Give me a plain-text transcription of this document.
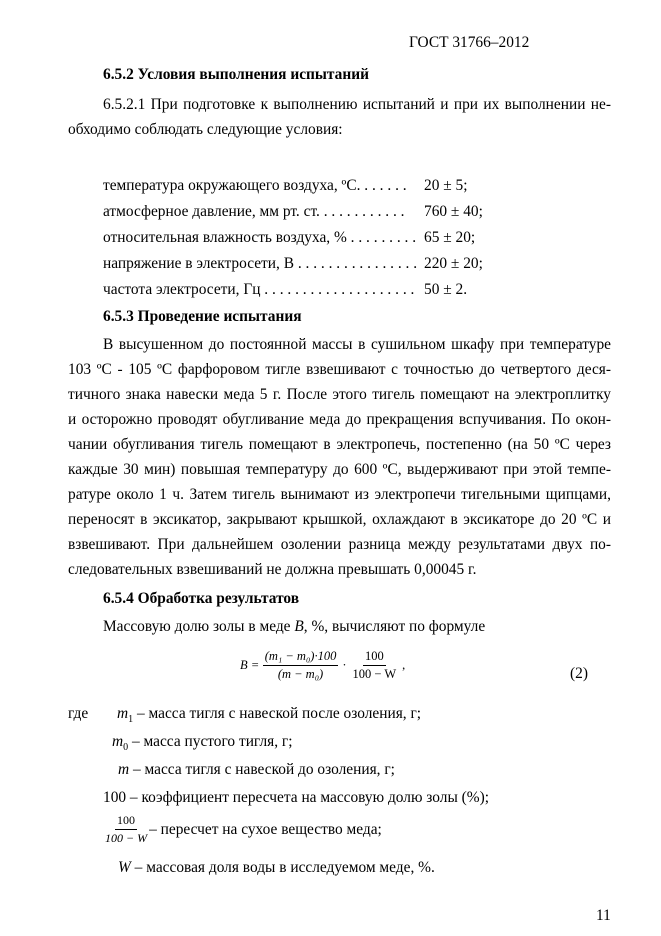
ГОСТ 31766–2012
6.5.2 Условия выполнения испытаний
6.5.2.1 При подготовке к выполнению испытаний и при их выполнении не-
обходимо соблюдать следующие условия:
температура окружающего воздуха, ºС. . . . . . . 20 ± 5;
атмосферное давление, мм рт. ст. . . . . . . . . . . . 760 ± 40;
относительная влажность воздуха, % . . . . . . . . . 65 ± 20;
напряжение в электросети, В . . . . . . . . . . . . . . . . 220 ± 20;
частота электросети, Гц . . . . . . . . . . . . . . . . . . . . 50 ± 2.
6.5.3 Проведение испытания
В высушенном до постоянной массы в сушильном шкафу при температуре
103 ºС - 105 ºС фарфоровом тигле взвешивают с точностью до четвертого деся-
тичного знака навески меда 5 г. После этого тигель помещают на электроплитку
и осторожно проводят обугливание меда до прекращения вспучивания. По окон-
чании обугливания тигель помещают в электропечь, постепенно (на 50 ºС через
каждые 30 мин) повышая температуру до 600 ºС, выдерживают при этой темпе-
ратуре около 1 ч. Затем тигель вынимают из электропечи тигельными щипцами,
переносят в эксикатор, закрывают крышкой, охлаждают в эксикаторе до 20 ºС и
взвешивают. При дальнейшем озолении разница между результатами двух по-
следовательных взвешиваний не должна превышать 0,00045 г.
6.5.4 Обработка результатов
Массовую долю золы в меде B, %, вычисляют по формуле
$B = \frac{\text{(m₁ − m₀)·100}}{\text{(m − m₀)}} \cdot \frac{100}{100 - W}$ ,	(2)
где $m_1$ – масса тигля с навеской после озоления, г;
$m_0$ – масса пустого тигля, г;
m – масса тигля с навеской до озоления, г;
100 – коэффициент пересчета на массовую долю золы (%);
$\frac{100}{100 - W}$ – пересчет на сухое вещество меда;
W – массовая доля воды в исследуемом меде, %.
11
